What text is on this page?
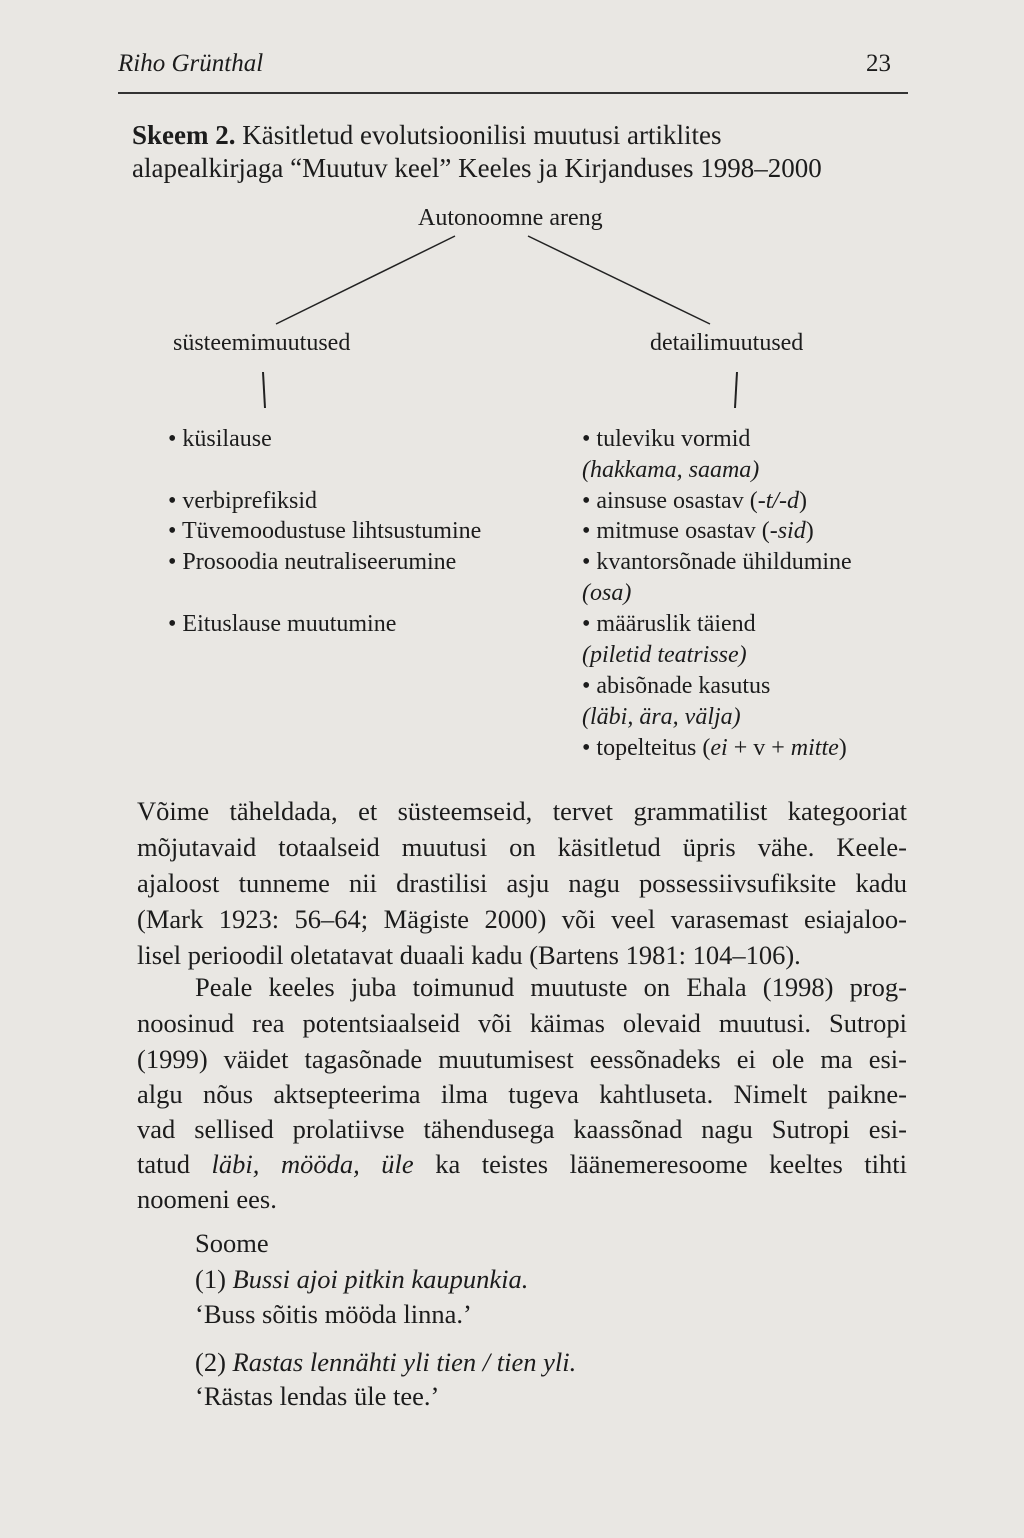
Riho Grünthal	23
Skeem 2. Käsitletud evolutsioonilisi muutusi artiklites
alapealkirjaga “Muutuv keel” Keeles ja Kirjanduses 1998–2000
Autonoomne areng
süsteemimuutused	detailimuutused
• küsilause
• verbiprefiksid
• Tüvemoodustuse lihtsustumine
• Prosoodia neutraliseerumine
• Eituslause muutumine
• tuleviku vormid
(hakkama, saama)
• ainsuse osastav (-t/-d)
• mitmuse osastav (-sid)
• kvantorsõnade ühildumine
(osa)
• määruslik täiend
(piletid teatrisse)
• abisõnade kasutus
(läbi, ära, välja)
• topelteitus (ei + v + mitte)
Võime täheldada, et süsteemseid, tervet grammatilist kategooriat
mõjutavaid totaalseid muutusi on käsitletud üpris vähe. Keele-
ajaloost tunneme nii drastilisi asju nagu possessiivsufiksite kadu
(Mark 1923: 56–64; Mägiste 2000) või veel varasemast esiajaloo-
lisel perioodil oletatavat duaali kadu (Bartens 1981: 104–106).
Peale keeles juba toimunud muutuste on Ehala (1998) prog-
noosinud rea potentsiaalseid või käimas olevaid muutusi. Sutropi
(1999) väidet tagasõnade muutumisest eessõnadeks ei ole ma esi-
algu nõus aktsepteerima ilma tugeva kahtluseta. Nimelt paikne-
vad sellised prolatiivse tähendusega kaassõnad nagu Sutropi esi-
tatud läbi, mööda, üle ka teistes läänemeresoome keeltes tihti
noomeni ees.
Soome
(1) Bussi ajoi pitkin kaupunkia.
‘Buss sõitis mööda linna.’
(2) Rastas lennähti yli tien / tien yli.
‘Rästas lendas üle tee.’
